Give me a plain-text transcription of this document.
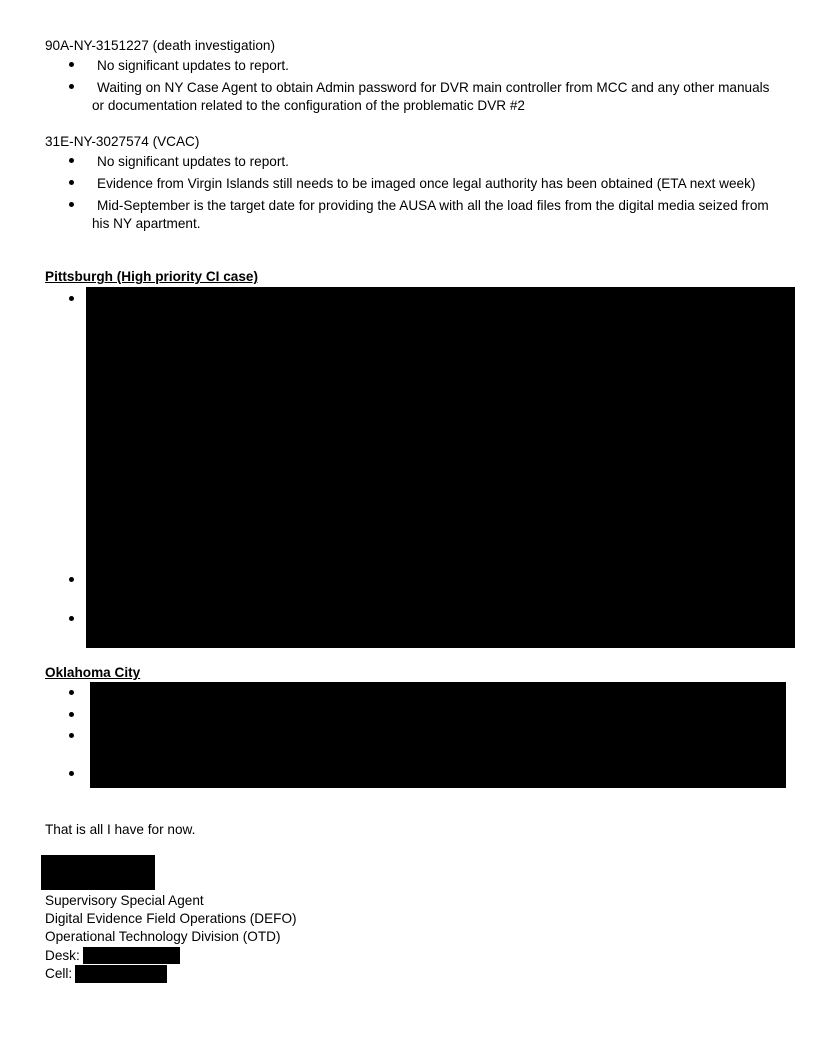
90A-NY-3151227 (death investigation)
No significant updates to report.
Waiting on NY Case Agent to obtain Admin password for DVR main controller from MCC and any other manuals
or documentation related to the configuration of the problematic DVR #2
31E-NY-3027574 (VCAC)
No significant updates to report.
Evidence from Virgin Islands still needs to be imaged once legal authority has been obtained (ETA next week)
Mid-September is the target date for providing the AUSA with all the load files from the digital media seized from
his NY apartment.
Pittsburgh (High priority CI case)
Oklahoma City
That is all I have for now.
Supervisory Special Agent
Digital Evidence Field Operations (DEFO)
Operational Technology Division (OTD)
Desk:
Cell:
